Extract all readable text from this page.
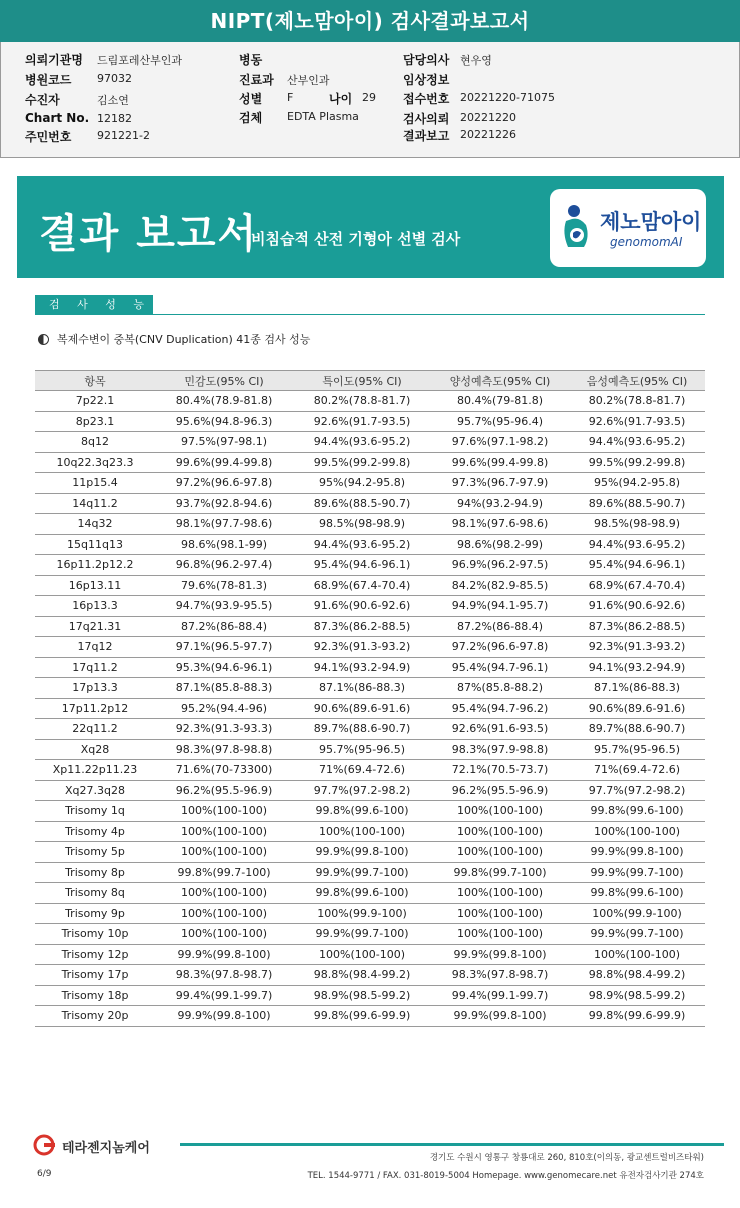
NIPT(제노맘아이) 검사결과보고서
의뢰기관명 드림포레산부인과
병원코드 97032
수진자	김소연
Chart No. 12182
주민번호 921221-2
병동
진료과 산부인과
성별 F	나이 29
검체 EDTA Plasma
담당의사 현우영
임상정보
접수번호 20221220-71075
검사의뢰 20221220
결과보고 20221226
결과 보고서
비침습적 산전 기형아 선별 검사
제노맘아이
genomomAI
검 사 성 능
복제수변이 중복(CNV Duplication) 41종 검사 성능
항목	민감도(95% CI)	특이도(95% CI)	양성예측도(95% CI)	음성예측도(95% CI)
7p22.1	80.4%(78.9-81.8)	80.2%(78.8-81.7)	80.4%(79-81.8)	80.2%(78.8-81.7)
8p23.1	95.6%(94.8-96.3)	92.6%(91.7-93.5)	95.7%(95-96.4)	92.6%(91.7-93.5)
8q12	97.5%(97-98.1)	94.4%(93.6-95.2)	97.6%(97.1-98.2)	94.4%(93.6-95.2)
10q22.3q23.3	99.6%(99.4-99.8)	99.5%(99.2-99.8)	99.6%(99.4-99.8)	99.5%(99.2-99.8)
11p15.4	97.2%(96.6-97.8)	95%(94.2-95.8)	97.3%(96.7-97.9)	95%(94.2-95.8)
14q11.2	93.7%(92.8-94.6)	89.6%(88.5-90.7)	94%(93.2-94.9)	89.6%(88.5-90.7)
14q32	98.1%(97.7-98.6)	98.5%(98-98.9)	98.1%(97.6-98.6)	98.5%(98-98.9)
15q11q13	98.6%(98.1-99)	94.4%(93.6-95.2)	98.6%(98.2-99)	94.4%(93.6-95.2)
16p11.2p12.2	96.8%(96.2-97.4)	95.4%(94.6-96.1)	96.9%(96.2-97.5)	95.4%(94.6-96.1)
16p13.11	79.6%(78-81.3)	68.9%(67.4-70.4)	84.2%(82.9-85.5)	68.9%(67.4-70.4)
16p13.3	94.7%(93.9-95.5)	91.6%(90.6-92.6)	94.9%(94.1-95.7)	91.6%(90.6-92.6)
17q21.31	87.2%(86-88.4)	87.3%(86.2-88.5)	87.2%(86-88.4)	87.3%(86.2-88.5)
17q12	97.1%(96.5-97.7)	92.3%(91.3-93.2)	97.2%(96.6-97.8)	92.3%(91.3-93.2)
17q11.2	95.3%(94.6-96.1)	94.1%(93.2-94.9)	95.4%(94.7-96.1)	94.1%(93.2-94.9)
17p13.3	87.1%(85.8-88.3)	87.1%(86-88.3)	87%(85.8-88.2)	87.1%(86-88.3)
17p11.2p12	95.2%(94.4-96)	90.6%(89.6-91.6)	95.4%(94.7-96.2)	90.6%(89.6-91.6)
22q11.2	92.3%(91.3-93.3)	89.7%(88.6-90.7)	92.6%(91.6-93.5)	89.7%(88.6-90.7)
Xq28	98.3%(97.8-98.8)	95.7%(95-96.5)	98.3%(97.9-98.8)	95.7%(95-96.5)
Xp11.22p11.23	71.6%(70-73300)	71%(69.4-72.6)	72.1%(70.5-73.7)	71%(69.4-72.6)
Xq27.3q28	96.2%(95.5-96.9)	97.7%(97.2-98.2)	96.2%(95.5-96.9)	97.7%(97.2-98.2)
Trisomy 1q	100%(100-100)	99.8%(99.6-100)	100%(100-100)	99.8%(99.6-100)
Trisomy 4p	100%(100-100)	100%(100-100)	100%(100-100)	100%(100-100)
Trisomy 5p	100%(100-100)	99.9%(99.8-100)	100%(100-100)	99.9%(99.8-100)
Trisomy 8p	99.8%(99.7-100)	99.9%(99.7-100)	99.8%(99.7-100)	99.9%(99.7-100)
Trisomy 8q	100%(100-100)	99.8%(99.6-100)	100%(100-100)	99.8%(99.6-100)
Trisomy 9p	100%(100-100)	100%(99.9-100)	100%(100-100)	100%(99.9-100)
Trisomy 10p	100%(100-100)	99.9%(99.7-100)	100%(100-100)	99.9%(99.7-100)
Trisomy 12p	99.9%(99.8-100)	100%(100-100)	99.9%(99.8-100)	100%(100-100)
Trisomy 17p	98.3%(97.8-98.7)	98.8%(98.4-99.2)	98.3%(97.8-98.7)	98.8%(98.4-99.2)
Trisomy 18p	99.4%(99.1-99.7)	98.9%(98.5-99.2)	99.4%(99.1-99.7)	98.9%(98.5-99.2)
Trisomy 20p	99.9%(99.8-100)	99.8%(99.6-99.9)	99.9%(99.8-100)	99.8%(99.6-99.9)
테라젠지놈케어
경기도 수원시 영통구 창룡대로 260, 810호(이의동, 광교센트럴비즈타워)
TEL. 1544-9771 / FAX. 031-8019-5004 Homepage. www.genomecare.net 유전자검사기관 274호
6/9
